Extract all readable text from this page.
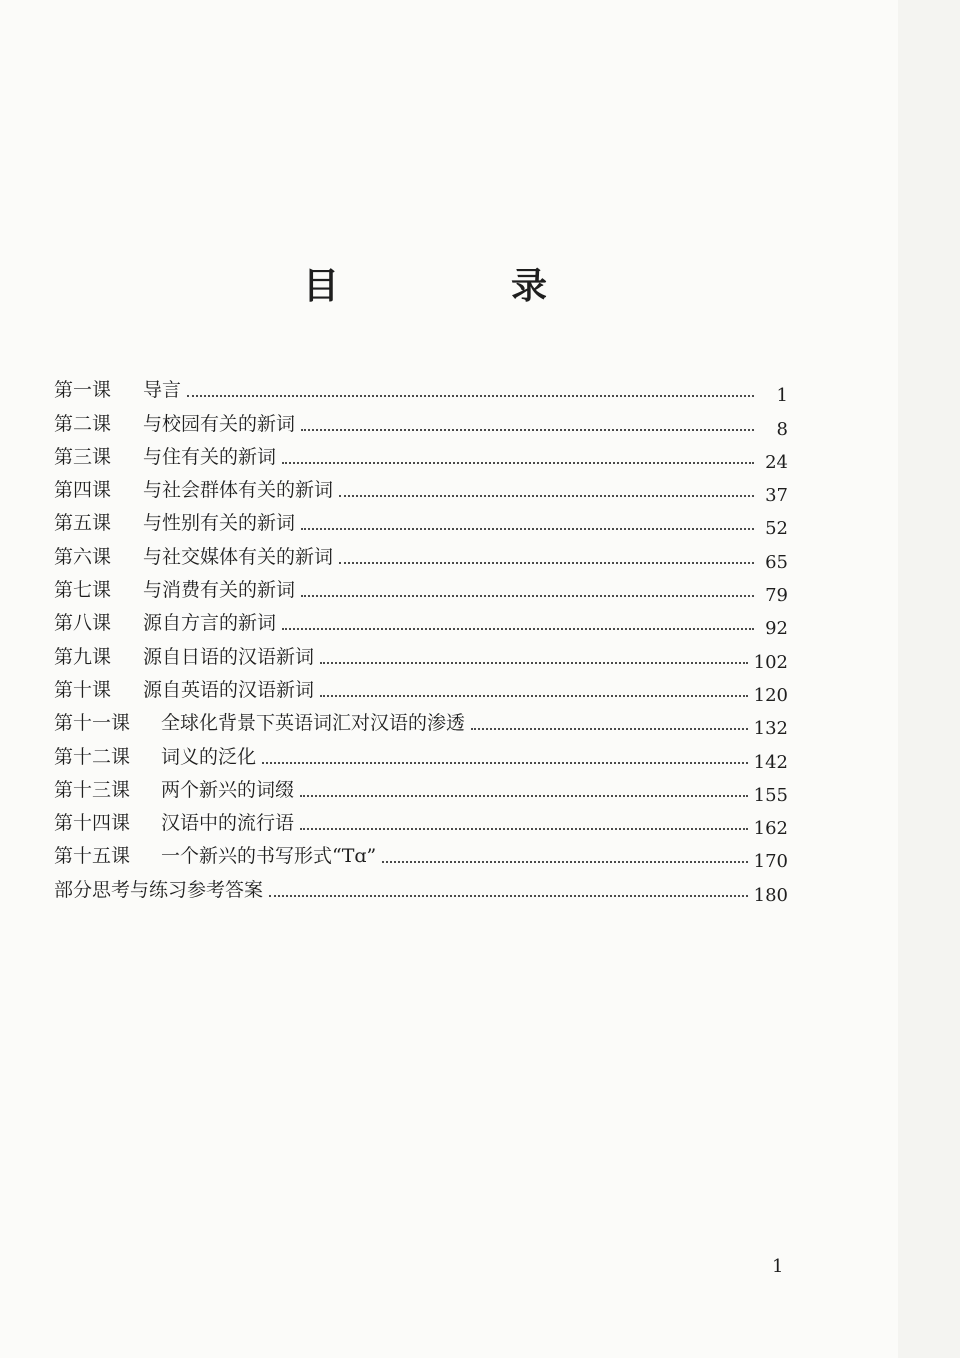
目　录
第一课	导言	1
第二课	与校园有关的新词	8
第三课	与住有关的新词	24
第四课	与社会群体有关的新词	37
第五课	与性别有关的新词	52
第六课	与社交媒体有关的新词	65
第七课	与消费有关的新词	79
第八课	源自方言的新词	92
第九课	源自日语的汉语新词	102
第十课	源自英语的汉语新词	120
第十一课	全球化背景下英语词汇对汉语的渗透	132
第十二课	词义的泛化	142
第十三课	两个新兴的词缀	155
第十四课	汉语中的流行语	162
第十五课	一个新兴的书写形式“Tɑ”	170
部分思考与练习参考答案	180
1
